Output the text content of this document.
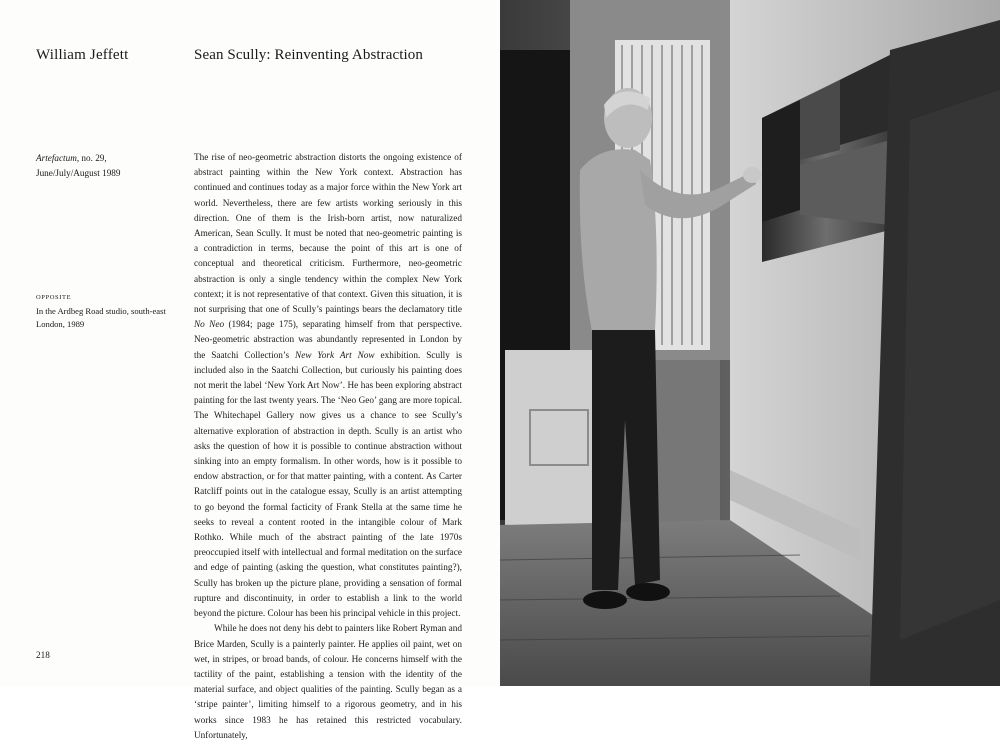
William Jeffett	Sean Scully: Reinventing Abstraction
Artefactum, no. 29,
June/July/August 1989
OPPOSITE
In the Ardbeg Road studio, south-east London, 1989

The rise of neo-geometric abstraction distorts the ongoing existence of abstract painting within the New York context. Abstraction has continued and continues today as a major force within the New York art world. Nevertheless, there are few artists working seriously in this direction. One of them is the Irish-born artist, now naturalized American, Sean Scully. It must be noted that neo-geometric painting is a contradiction in terms, because the point of this art is one of conceptual and theoretical criticism. Furthermore, neo-geometric abstraction is only a single tendency within the complex New York context; it is not representative of that context. Given this situation, it is not surprising that one of Scully’s paintings bears the declamatory title No Neo (1984; page 175), separating himself from that perspective. Neo-geometric abstraction was abundantly represented in London by the Saatchi Collection’s New York Art Now exhibition. Scully is included also in the Saatchi Collection, but curiously his painting does not merit the label ‘New York Art Now’. He has been exploring abstract painting for the last twenty years. The ‘Neo Geo’ gang are more topical. The Whitechapel Gallery now gives us a chance to see Scully’s alternative exploration of abstraction in depth. Scully is an artist who asks the question of how it is possible to continue abstraction without sinking into an empty formalism. In other words, how is it possible to endow abstraction, or for that matter painting, with a content. As Carter Ratcliff points out in the catalogue essay, Scully is an artist attempting to go beyond the formal facticity of Frank Stella at the same time he seeks to reveal a content rooted in the intangible colour of Mark Rothko. While much of the abstract painting of the late 1970s preoccupied itself with intellectual and formal meditation on the surface and edge of painting (asking the question, what constitutes painting?), Scully has broken up the picture plane, providing a sensation of formal rupture and discontinuity, in order to establish a link to the world beyond the picture. Colour has been his principal vehicle in this project.

While he does not deny his debt to painters like Robert Ryman and Brice Marden, Scully is a painterly painter. He applies oil paint, wet on wet, in stripes, or broad bands, of colour. He concerns himself with the tactility of the paint, establishing a tension with the identity of the material surface, and object qualities of the painting. Scully began as a ‘stripe painter’, limiting himself to a rigorous geometry, and in his works since 1983 he has retained this restricted vocabulary. Unfortunately,

218
